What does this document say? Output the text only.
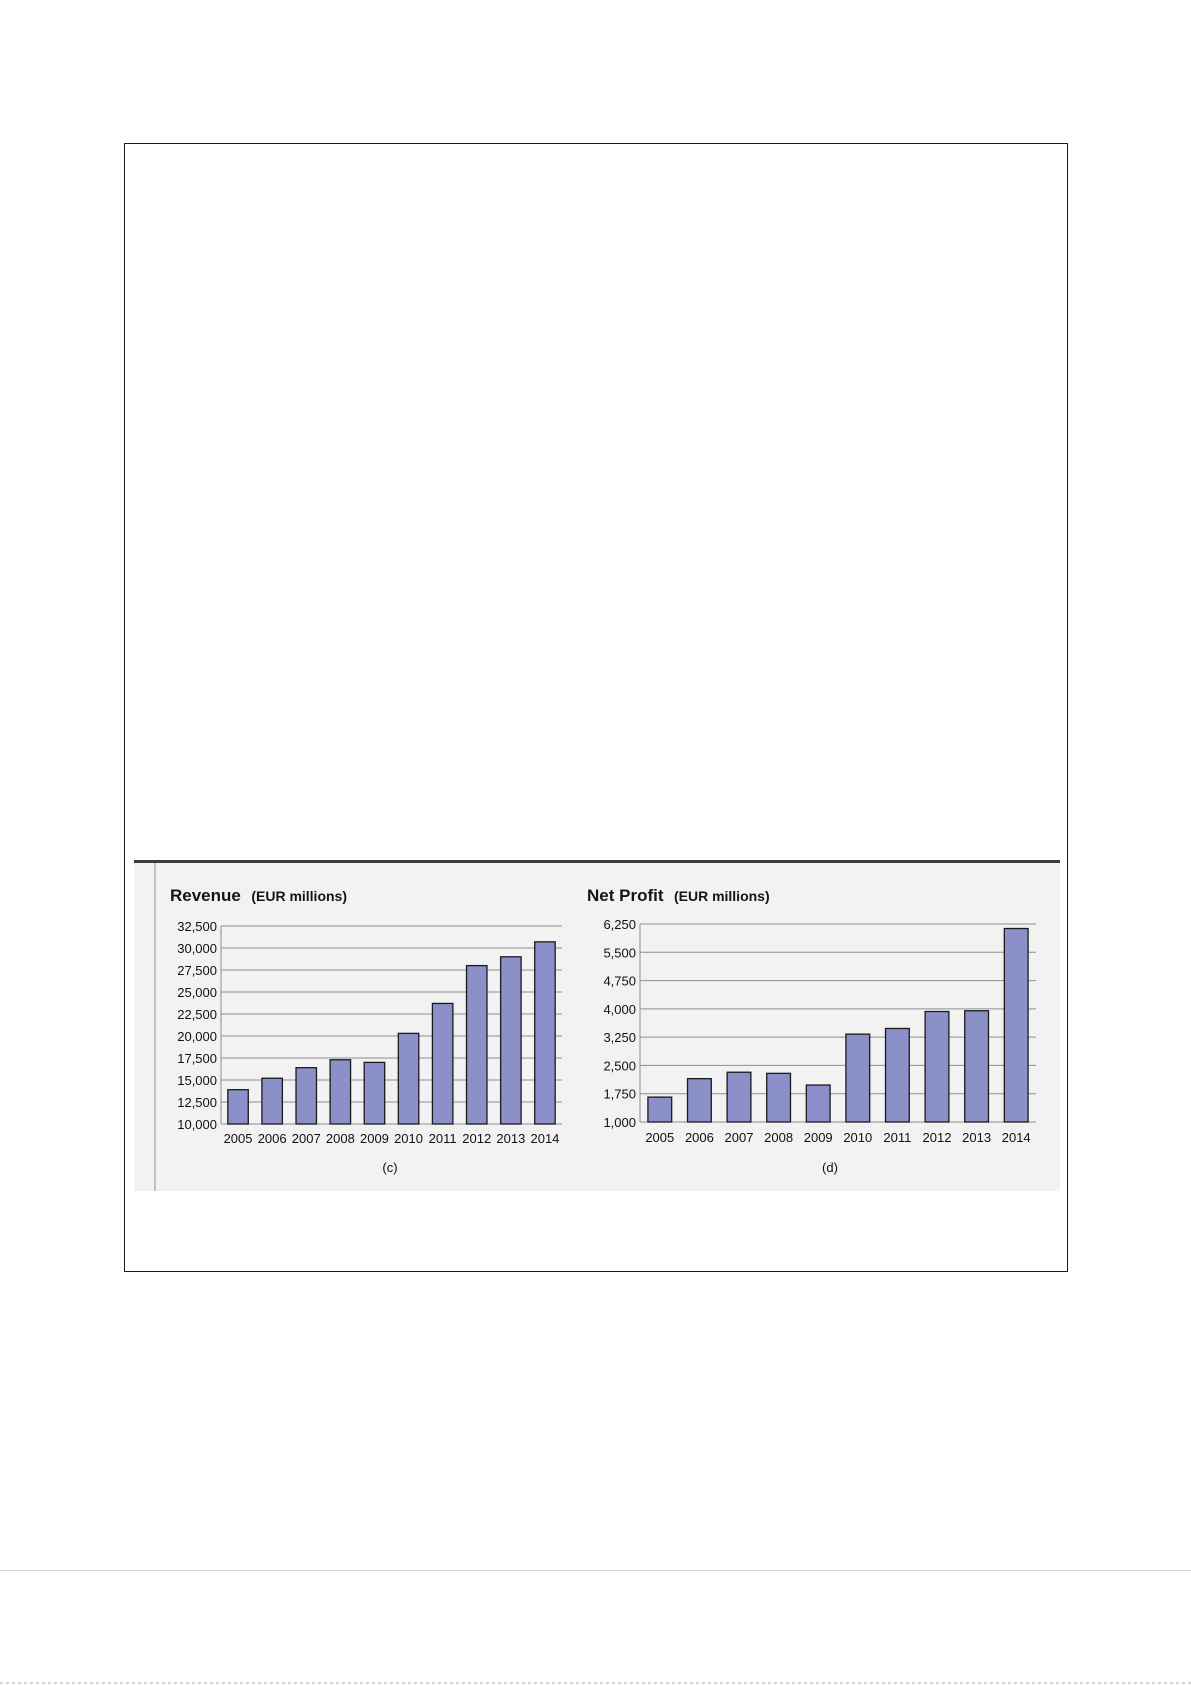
Revenue (EUR millions)
(c)
10,000
12,500
15,000
17,500
20,000
22,500
25,000
27,500
30,000
32,500
2005 2006 2007 2008 2009 2010 2011 2012 2013 2014
Net Profit (EUR millions)
(d)
1,000
1,750
2,500
3,250
4,000
4,750
5,500
6,250
2005 2006 2007 2008 2009 2010 2011 2012 2013 2014
